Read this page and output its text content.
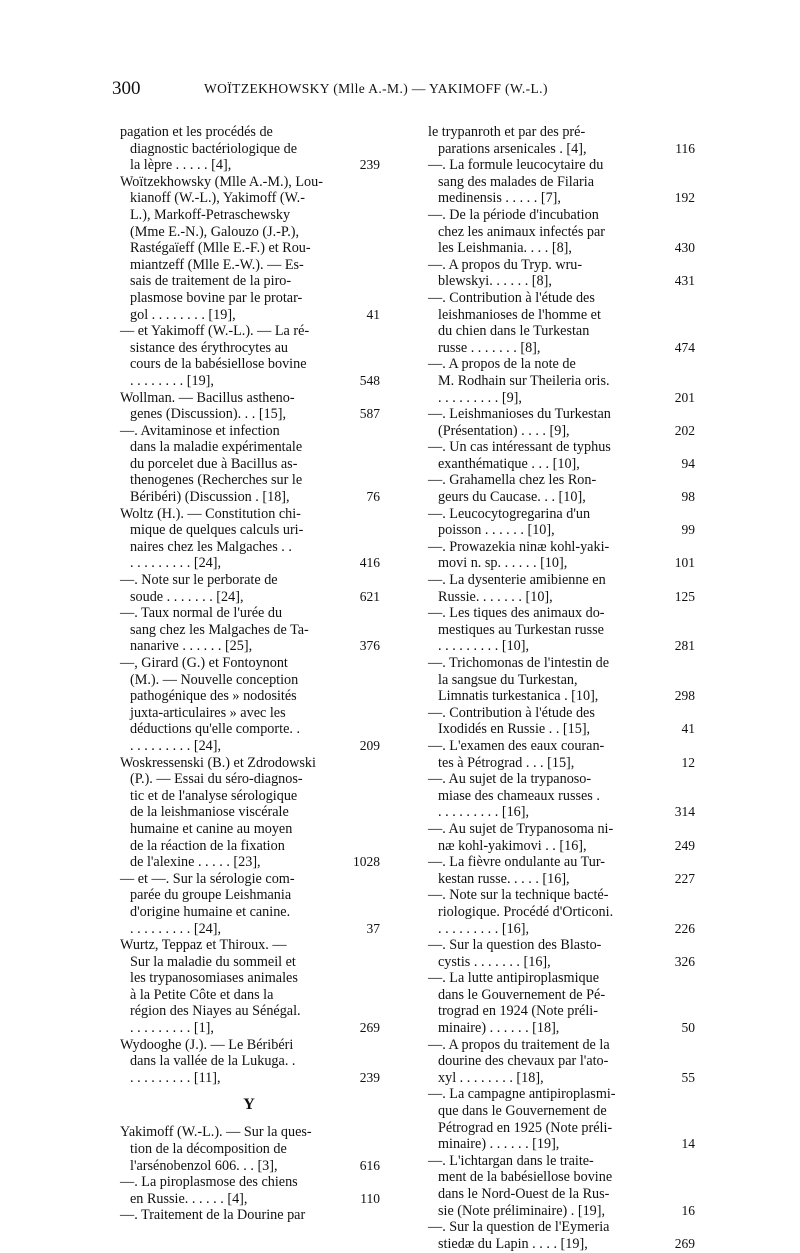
300	WOÏTZEKHOWSKY (Mlle A.-M.) — YAKIMOFF (W.-L.)
pagation et les procédés de
diagnostic bactériologique de
la lèpre . . . . . [4],	239
Woïtzekhowsky (Mlle A.-M.), Lou-
kianoff (W.-L.), Yakimoff (W.-
L.), Markoff-Petraschewsky
(Mme E.-N.), Galouzo (J.-P.),
Rastégaïeff (Mlle E.-F.) et Rou-
miantzeff (Mlle E.-W.). — Es-
sais de traitement de la piro-
plasmose bovine par le protar-
gol . . . . . . . . [19],	41
— et Yakimoff (W.-L.). — La ré-
sistance des érythrocytes au
cours de la babésiellose bovine
. . . . . . . . [19],	548
Wollman. — Bacillus astheno-
genes (Discussion). . . [15],	587
—. Avitaminose et infection
dans la maladie expérimentale
du porcelet due à Bacillus as-
thenogenes (Recherches sur le
Béribéri) (Discussion . [18],	76
Woltz (H.). — Constitution chi-
mique de quelques calculs uri-
naires chez les Malgaches . .
. . . . . . . . . [24],	416
—. Note sur le perborate de
soude . . . . . . . [24],	621
—. Taux normal de l'urée du
sang chez les Malgaches de Ta-
nanarive . . . . . . [25],	376
—, Girard (G.) et Fontoynont
(M.). — Nouvelle conception
pathogénique des » nodosités
juxta-articulaires » avec les
déductions qu'elle comporte. .
. . . . . . . . . [24],	209
Woskressenski (B.) et Zdrodowski
(P.). — Essai du séro-diagnos-
tic et de l'analyse sérologique
de la leishmaniose viscérale
humaine et canine au moyen
de la réaction de la fixation
de l'alexine . . . . . [23],	1028
— et —. Sur la sérologie com-
parée du groupe Leishmania
d'origine humaine et canine.
. . . . . . . . . [24],	37
Wurtz, Teppaz et Thiroux. —
Sur la maladie du sommeil et
les trypanosomiases animales
à la Petite Côte et dans la
région des Niayes au Sénégal.
. . . . . . . . . [1],	269
Wydooghe (J.). — Le Béribéri
dans la vallée de la Lukuga. .
. . . . . . . . . [11],	239
Y
Yakimoff (W.-L.). — Sur la ques-
tion de la décomposition de
l'arsénobenzol 606. . . [3],	616
—. La piroplasmose des chiens
en Russie. . . . . . [4],	110
—. Traitement de la Dourine par
le trypanroth et par des pré-
parations arsenicales . [4],	116
—. La formule leucocytaire du
sang des malades de Filaria
medinensis . . . . . [7],	192
—. De la période d'incubation
chez les animaux infectés par
les Leishmania. . . . [8],	430
—. A propos du Tryp. wru-
blewskyi. . . . . . [8],	431
—. Contribution à l'étude des
leishmanioses de l'homme et
du chien dans le Turkestan
russe . . . . . . . [8],	474
—. A propos de la note de
M. Rodhain sur Theileria oris.
. . . . . . . . . [9],	201
—. Leishmanioses du Turkestan
(Présentation) . . . . [9],	202
—. Un cas intéressant de typhus
exanthématique . . . [10],	94
—. Grahamella chez les Ron-
geurs du Caucase. . . [10],	98
—. Leucocytogregarina d'un
poisson . . . . . . [10],	99
—. Prowazekia ninæ kohl-yaki-
movi n. sp. . . . . . [10],	101
—. La dysenterie amibienne en
Russie. . . . . . . [10],	125
—. Les tiques des animaux do-
mestiques au Turkestan russe
. . . . . . . . . [10],	281
—. Trichomonas de l'intestin de
la sangsue du Turkestan,
Limnatis turkestanica . [10],	298
—. Contribution à l'étude des
Ixodidés en Russie . . [15],	41
—. L'examen des eaux couran-
tes à Pétrograd . . . [15],	12
—. Au sujet de la trypanoso-
miase des chameaux russes .
. . . . . . . . . [16],	314
—. Au sujet de Trypanosoma ni-
næ kohl-yakimovi . . [16],	249
—. La fièvre ondulante au Tur-
kestan russe. . . . . [16],	227
—. Note sur la technique bacté-
riologique. Procédé d'Orticoni.
. . . . . . . . . [16],	226
—. Sur la question des Blasto-
cystis . . . . . . . [16],	326
—. La lutte antipiroplasmique
dans le Gouvernement de Pé-
trograd en 1924 (Note préli-
minaire) . . . . . . [18],	50
—. A propos du traitement de la
dourine des chevaux par l'ato-
xyl . . . . . . . . [18],	55
—. La campagne antipiroplasmi-
que dans le Gouvernement de
Pétrograd en 1925 (Note préli-
minaire) . . . . . . [19],	14
—. L'ichtargan dans le traite-
ment de la babésiellose bovine
dans le Nord-Ouest de la Rus-
sie (Note préliminaire) . [19],	16
—. Sur la question de l'Eymeria
stiedæ du Lapin . . . . [19],	269
